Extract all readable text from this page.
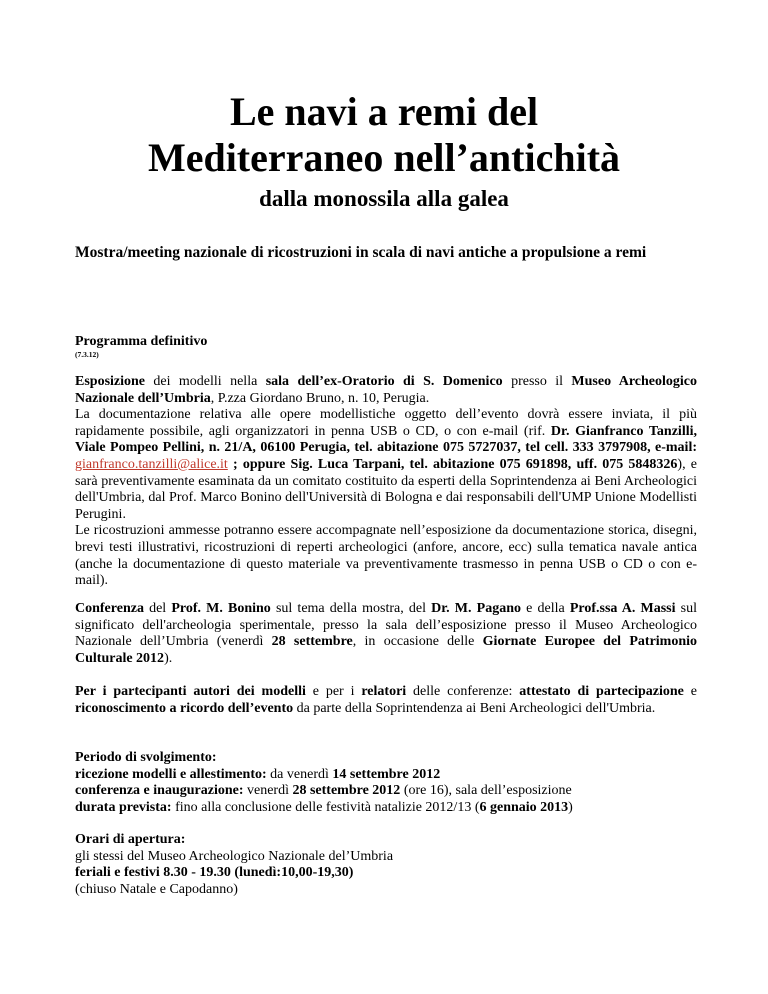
Le navi a remi del
Mediterraneo nell’antichità
dalla monossila alla galea

Mostra/meeting nazionale di ricostruzioni in scala di navi antiche a propulsione a remi

Programma definitivo

(7.3.12)

Esposizione dei modelli nella sala dell’ex-Oratorio di S. Domenico presso il Museo Archeologico Nazionale dell’Umbria, P.zza Giordano Bruno, n. 10, Perugia.

La documentazione relativa alle opere modellistiche oggetto dell’evento dovrà essere inviata, il più rapidamente possibile, agli organizzatori in penna USB o CD, o con e-mail (rif. Dr. Gianfranco Tanzilli, Viale Pompeo Pellini, n. 21/A, 06100 Perugia, tel. abitazione 075 5727037, tel cell. 333 3797908, e-mail: gianfranco.tanzilli@alice.it ; oppure Sig. Luca Tarpani, tel. abitazione 075 691898, uff. 075 5848326), e sarà preventivamente esaminata da un comitato costituito da esperti della Soprintendenza ai Beni Archeologici dell'Umbria, dal Prof. Marco Bonino dell'Università di Bologna e dai responsabili dell'UMP Unione Modellisti Perugini.

Le ricostruzioni ammesse potranno essere accompagnate nell’esposizione da documentazione storica, disegni, brevi testi illustrativi, ricostruzioni di reperti archeologici (anfore, ancore, ecc) sulla tematica navale antica (anche la documentazione di questo materiale va preventivamente trasmesso in penna USB o CD o con e-mail).

Conferenza del Prof. M. Bonino sul tema della mostra, del Dr. M. Pagano e della Prof.ssa A. Massi sul significato dell'archeologia sperimentale, presso la sala dell’esposizione presso il Museo Archeologico Nazionale dell’Umbria (venerdì 28 settembre, in occasione delle Giornate Europee del Patrimonio Culturale 2012).

Per i partecipanti autori dei modelli e per i relatori delle conferenze: attestato di partecipazione e riconoscimento a ricordo dell’evento da parte della Soprintendenza ai Beni Archeologici dell'Umbria.

Periodo di svolgimento:

ricezione modelli e allestimento: da venerdì 14 settembre 2012

conferenza e inaugurazione: venerdì 28 settembre 2012 (ore 16), sala dell’esposizione

durata prevista: fino alla conclusione delle festività natalizie 2012/13 (6 gennaio 2013)

Orari di apertura:

gli stessi del Museo Archeologico Nazionale del’Umbria

feriali e festivi 8.30 - 19.30 (lunedì:10,00-19,30)

(chiuso Natale e Capodanno)
